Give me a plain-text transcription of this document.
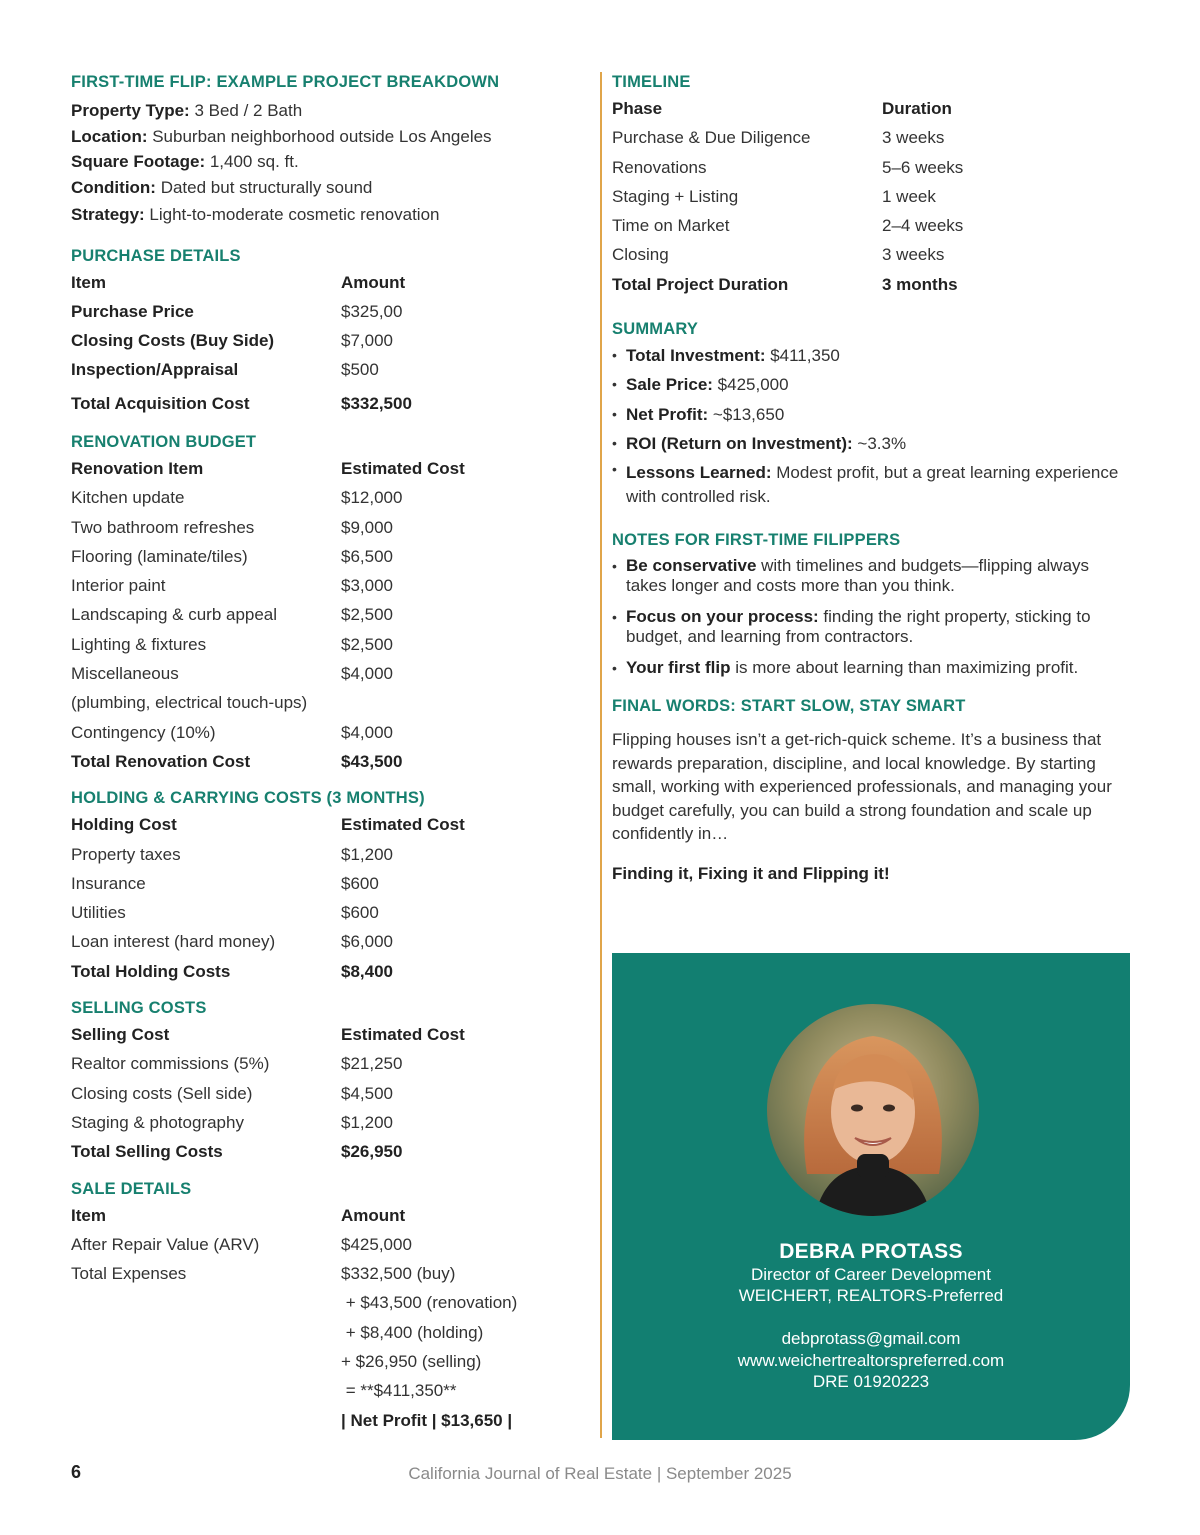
FIRST-TIME FLIP: EXAMPLE PROJECT BREAKDOWN
Property Type: 3 Bed / 2 Bath
Location: Suburban neighborhood outside Los Angeles
Square Footage: 1,400 sq. ft.
Condition: Dated but structurally sound
Strategy: Light-to-moderate cosmetic renovation
PURCHASE DETAILS
Item	Amount
Purchase Price	$325,00
Closing Costs (Buy Side)	$7,000
Inspection/Appraisal	$500
Total Acquisition Cost	$332,500
RENOVATION BUDGET
Renovation Item	Estimated Cost
Kitchen update	$12,000
Two bathroom refreshes	$9,000
Flooring (laminate/tiles)	$6,500
Interior paint	$3,000
Landscaping & curb appeal	$2,500
Lighting & fixtures	$2,500
Miscellaneous	$4,000
(plumbing, electrical touch-ups)
Contingency (10%)	$4,000
Total Renovation Cost	$43,500
HOLDING & CARRYING COSTS (3 MONTHS)
Holding Cost	Estimated Cost
Property taxes	$1,200
Insurance	$600
Utilities	$600
Loan interest (hard money)	$6,000
Total Holding Costs	$8,400
SELLING COSTS
Selling Cost	Estimated Cost
Realtor commissions (5%)	$21,250
Closing costs (Sell side)	$4,500
Staging & photography	$1,200
Total Selling Costs	$26,950
SALE DETAILS
Item	Amount
After Repair Value (ARV)	$425,000
Total Expenses	$332,500 (buy)
+ $43,500 (renovation)
+ $8,400 (holding)
+ $26,950 (selling)
= **$411,350**
| Net Profit | $13,650 |
TIMELINE
Phase	Duration
Purchase & Due Diligence	3 weeks
Renovations	5–6 weeks
Staging + Listing	1 week
Time on Market	2–4 weeks
Closing	3 weeks
Total Project Duration	3 months
SUMMARY
• Total Investment: $411,350
• Sale Price: $425,000
• Net Profit: ~$13,650
• ROI (Return on Investment): ~3.3%
• Lessons Learned: Modest profit, but a great learning experience with controlled risk.
NOTES FOR FIRST-TIME FILIPPERS
• Be conservative with timelines and budgets—flipping always takes longer and costs more than you think.
• Focus on your process: finding the right property, sticking to budget, and learning from contractors.
• Your first flip is more about learning than maximizing profit.
FINAL WORDS: START SLOW, STAY SMART

Flipping houses isn’t a get-rich-quick scheme. It’s a business that rewards preparation, discipline, and local knowledge. By starting small, working with experienced professionals, and managing your budget carefully, you can build a strong foundation and scale up confidently in…

Finding it, Fixing it and Flipping it!

DEBRA PROTASS
Director of Career Development
WEICHERT, REALTORS-Preferred
debprotass@gmail.com
www.weichertrealtorspreferred.com
DRE 01920223
6	California Journal of Real Estate | September 2025
